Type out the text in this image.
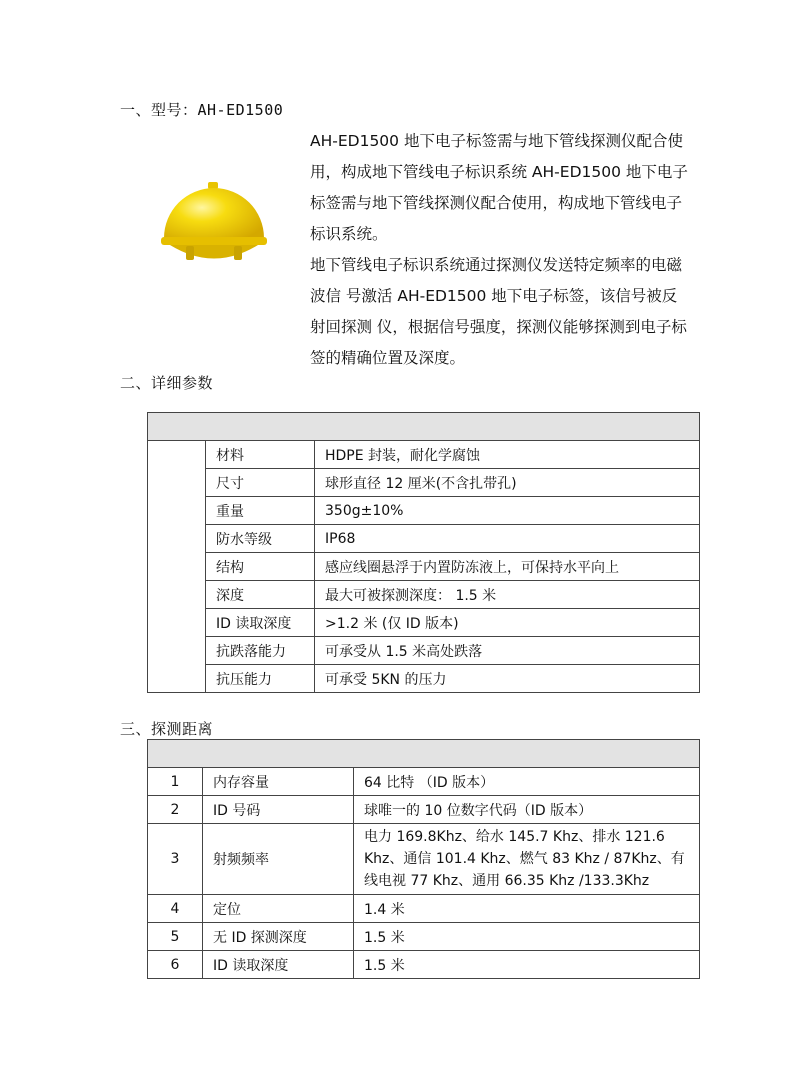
一、型号：AH-ED1500

AH-ED1500 地下电子标签需与地下管线探测仪配合使用，构成地下管线电子标识系统 AH-ED1500 地下电子标签需与地下管线探测仪配合使用，构成地下管线电子标识系统。

地下管线电子标识系统通过探测仪发送特定频率的电磁波信 号激活 AH-ED1500 地下电子标签，该信号被反射回探测 仪，根据信号强度，探测仪能够探测到电子标签的精确位置及深度。

二、详细参数

	材料	HDPE 封装，耐化学腐蚀
	尺寸	球形直径 12 厘米(不含扎带孔)
	重量	350g±10%
	防水等级	IP68
	结构	感应线圈悬浮于内置防冻液上，可保持水平向上
	深度	最大可被探测深度： 1.5 米
	ID 读取深度	>1.2 米 (仅 ID 版本)
	抗跌落能力	可承受从 1.5 米高处跌落
	抗压能力	可承受 5KN 的压力
三、探测距离

1	内存容量	64 比特 （ID 版本）
2	ID 号码	球唯一的 10 位数字代码（ID 版本）
3	射频频率	电力 169.8Khz、给水 145.7 Khz、排水 121.6 Khz、通信 101.4 Khz、燃气 83 Khz / 87Khz、有线电视 77 Khz、通用 66.35 Khz /133.3Khz
4	定位	1.4 米
5	无 ID 探测深度	1.5 米
6	ID 读取深度	1.5 米
